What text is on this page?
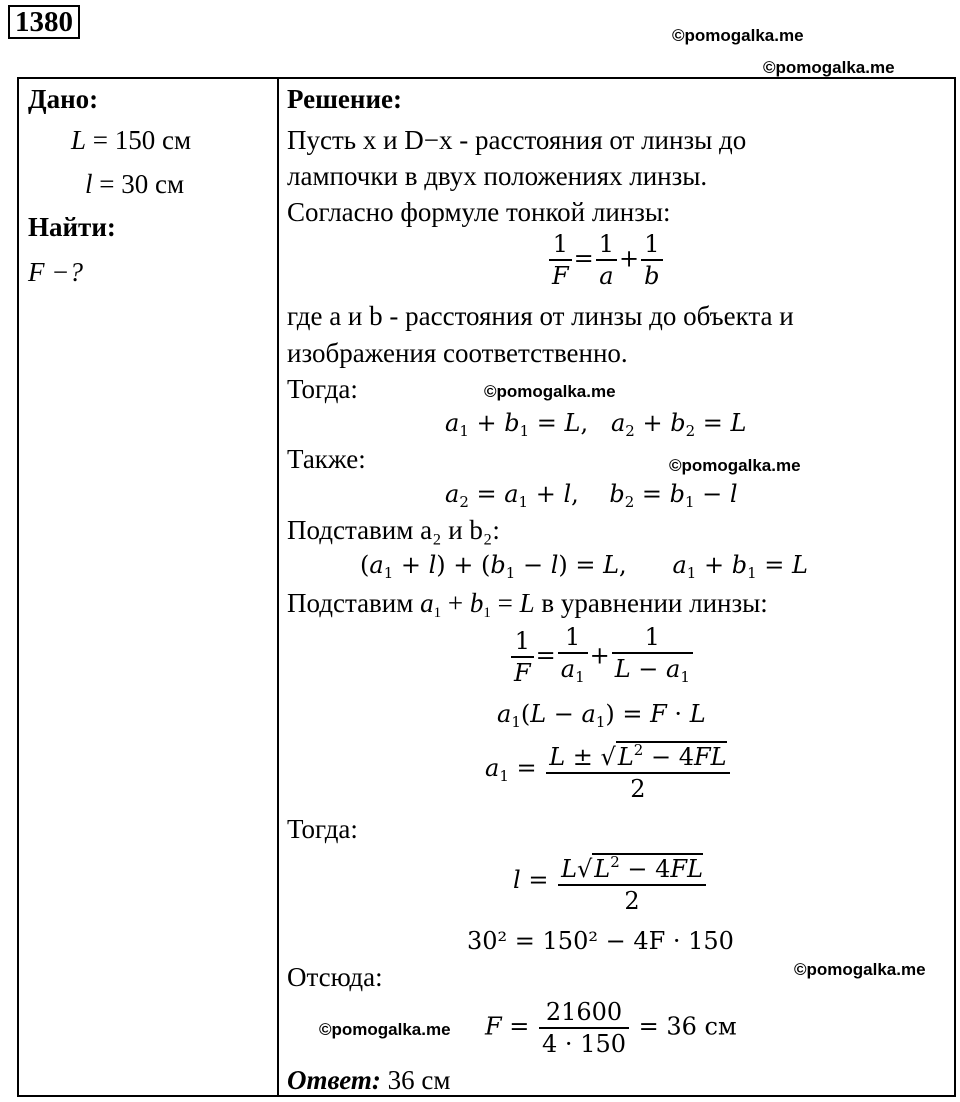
1380	©pomogalka.me
©pomogalka.me
Дано:
L = 150 см
l = 30 см
Найти:
F −?
Решение:
Пусть x и D−x - расстояния от линзы до
лампочки в двух положениях линзы.
Согласно формуле тонкой линзы:
$\frac{1}{F} = \frac{1}{a} + \frac{1}{b}$
где a и b - расстояния от линзы до объекта и
изображения соответственно.
Тогда:	©pomogalka.me
$a_1 + b_1 = L$,   $a_2 + b_2 = L$
Также:	©pomogalka.me
$a_2 = a_1 + l$,    $b_2 = b_1 - l$
Подставим a₂ и b₂:
$(a_1 + l) + (b_1 - l) = L$,      $a_1 + b_1 = L$
Подставим $a_1 + b_1 = L$ в уравнении линзы:
$\frac{1}{F} = \frac{1}{a_1} + \frac{1}{L - a_1}$
$a_1(L - a_1) = F \cdot L$
$a_1 = \frac{L \pm √L^2 - 4FL}{2}$
Тогда:
$l = \frac{L√L^2 - 4FL}{2}$
30² = 150² − 4F · 150
Отсюда:	©pomogalka.me
©pomogalka.me $F = \frac{21600}{4 \cdot 150} = 36$ см
Ответ: 36 см
